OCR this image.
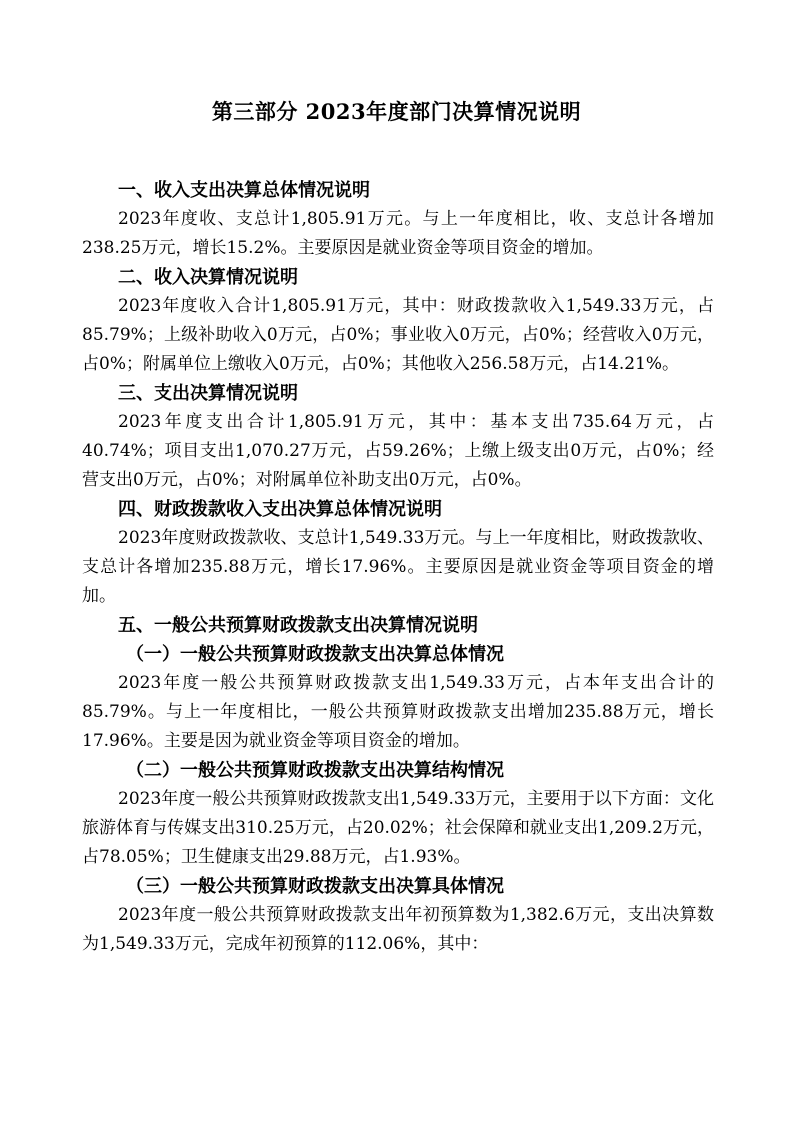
第三部分 2023年度部门决算情况说明
一、收入支出决算总体情况说明

2023年度收、支总计1,805.91万元。与上一年度相比，收、支总计各增加238.25万元，增长15.2%。主要原因是就业资金等项目资金的增加。

二、收入决算情况说明

2023年度收入合计1,805.91万元，其中：财政拨款收入1,549.33万元，占85.79%；上级补助收入0万元，占0%；事业收入0万元，占0%；经营收入0万元，占0%；附属单位上缴收入0万元，占0%；其他收入256.58万元，占14.21%。

三、支出决算情况说明

2023年度支出合计1,805.91万元，其中：基本支出735.64万元，占40.74%；项目支出1,070.27万元，占59.26%；上缴上级支出0万元，占0%；经营支出0万元，占0%；对附属单位补助支出0万元，占0%。

四、财政拨款收入支出决算总体情况说明

2023年度财政拨款收、支总计1,549.33万元。与上一年度相比，财政拨款收、支总计各增加235.88万元，增长17.96%。主要原因是就业资金等项目资金的增加。

五、一般公共预算财政拨款支出决算情况说明
（一）一般公共预算财政拨款支出决算总体情况

2023年度一般公共预算财政拨款支出1,549.33万元，占本年支出合计的85.79%。与上一年度相比，一般公共预算财政拨款支出增加235.88万元，增长17.96%。主要是因为就业资金等项目资金的增加。

（二）一般公共预算财政拨款支出决算结构情况

2023年度一般公共预算财政拨款支出1,549.33万元，主要用于以下方面：文化旅游体育与传媒支出310.25万元，占20.02%；社会保障和就业支出1,209.2万元，占78.05%；卫生健康支出29.88万元，占1.93%。

（三）一般公共预算财政拨款支出决算具体情况

2023年度一般公共预算财政拨款支出年初预算数为1,382.6万元，支出决算数为1,549.33万元，完成年初预算的112.06%，其中：
